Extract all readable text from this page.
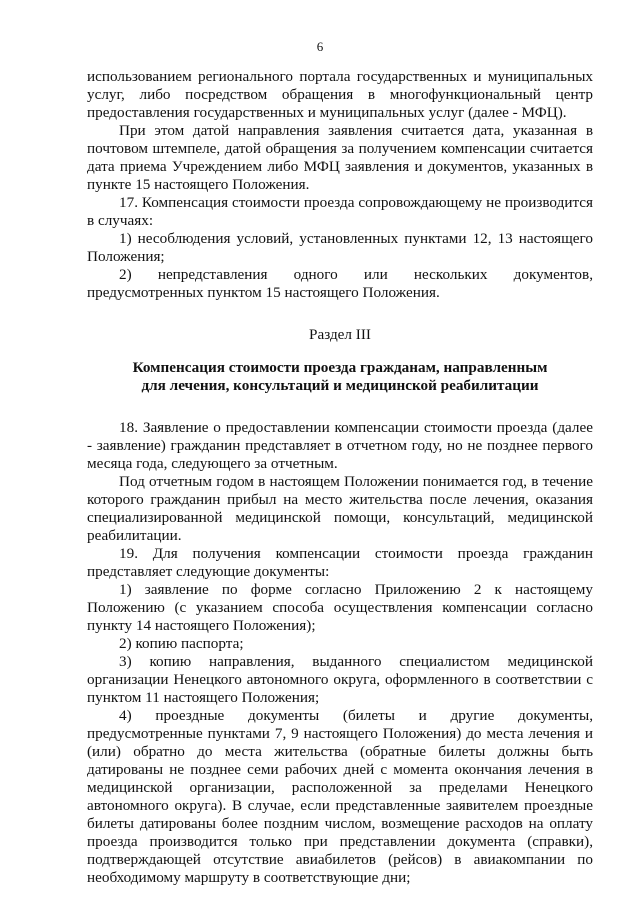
6

использованием регионального портала государственных и муниципальных услуг, либо посредством обращения в многофункциональный центр предоставления государственных и муниципальных услуг (далее - МФЦ).

При этом датой направления заявления считается дата, указанная в почтовом штемпеле, датой обращения за получением компенсации считается дата приема Учреждением либо МФЦ заявления и документов, указанных в пункте 15 настоящего Положения.

17. Компенсация стоимости проезда сопровождающему не производится в случаях:

1) несоблюдения условий, установленных пунктами 12, 13 настоящего Положения;

2) непредставления одного или нескольких документов, предусмотренных пунктом 15 настоящего Положения.

Раздел III

Компенсация стоимости проезда гражданам, направленным

для лечения, консультаций и медицинской реабилитации

18. Заявление о предоставлении компенсации стоимости проезда (далее - заявление) гражданин представляет в отчетном году, но не позднее первого месяца года, следующего за отчетным.

Под отчетным годом в настоящем Положении понимается год, в течение которого гражданин прибыл на место жительства после лечения, оказания специализированной медицинской помощи, консультаций, медицинской реабилитации.

19. Для получения компенсации стоимости проезда гражданин представляет следующие документы:

1) заявление по форме согласно Приложению 2 к настоящему Положению (с указанием способа осуществления компенсации согласно пункту 14 настоящего Положения);

2) копию паспорта;

3) копию направления, выданного специалистом медицинской организации Ненецкого автономного округа, оформленного в соответствии с пунктом 11 настоящего Положения;

4) проездные документы (билеты и другие документы, предусмотренные пунктами 7, 9 настоящего Положения) до места лечения и (или) обратно до места жительства (обратные билеты должны быть датированы не позднее семи рабочих дней с момента окончания лечения в медицинской организации, расположенной за пределами Ненецкого автономного округа). В случае, если представленные заявителем проездные билеты датированы более поздним числом, возмещение расходов на оплату проезда производится только при представлении документа (справки), подтверждающей отсутствие авиабилетов (рейсов) в авиакомпании по необходимому маршруту в соответствующие дни;
